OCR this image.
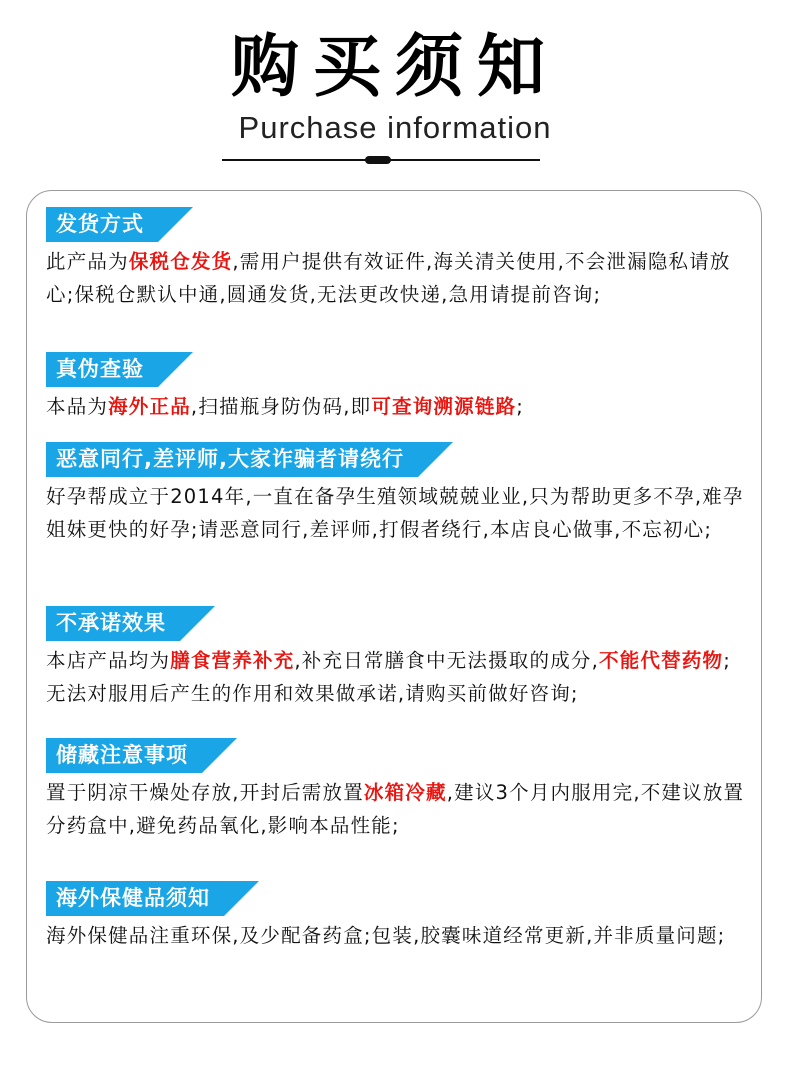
购买须知
Purchase information
发货方式
此产品为保税仓发货,需用户提供有效证件,海关清关使用,不会泄漏隐私请放心;保税仓默认中通,圆通发货,无法更改快递,急用请提前咨询;
真伪查验
本品为海外正品,扫描瓶身防伪码,即可查询溯源链路;
恶意同行,差评师,大家诈骗者请绕行
好孕帮成立于2014年,一直在备孕生殖领域兢兢业业,只为帮助更多不孕,难孕姐妹更快的好孕;请恶意同行,差评师,打假者绕行,本店良心做事,不忘初心;
不承诺效果
本店产品均为膳食营养补充,补充日常膳食中无法摄取的成分,不能代替药物;无法对服用后产生的作用和效果做承诺,请购买前做好咨询;
储藏注意事项
置于阴凉干燥处存放,开封后需放置冰箱冷藏,建议3个月内服用完,不建议放置分药盒中,避免药品氧化,影响本品性能;
海外保健品须知
海外保健品注重环保,及少配备药盒;包装,胶囊味道经常更新,并非质量问题;
